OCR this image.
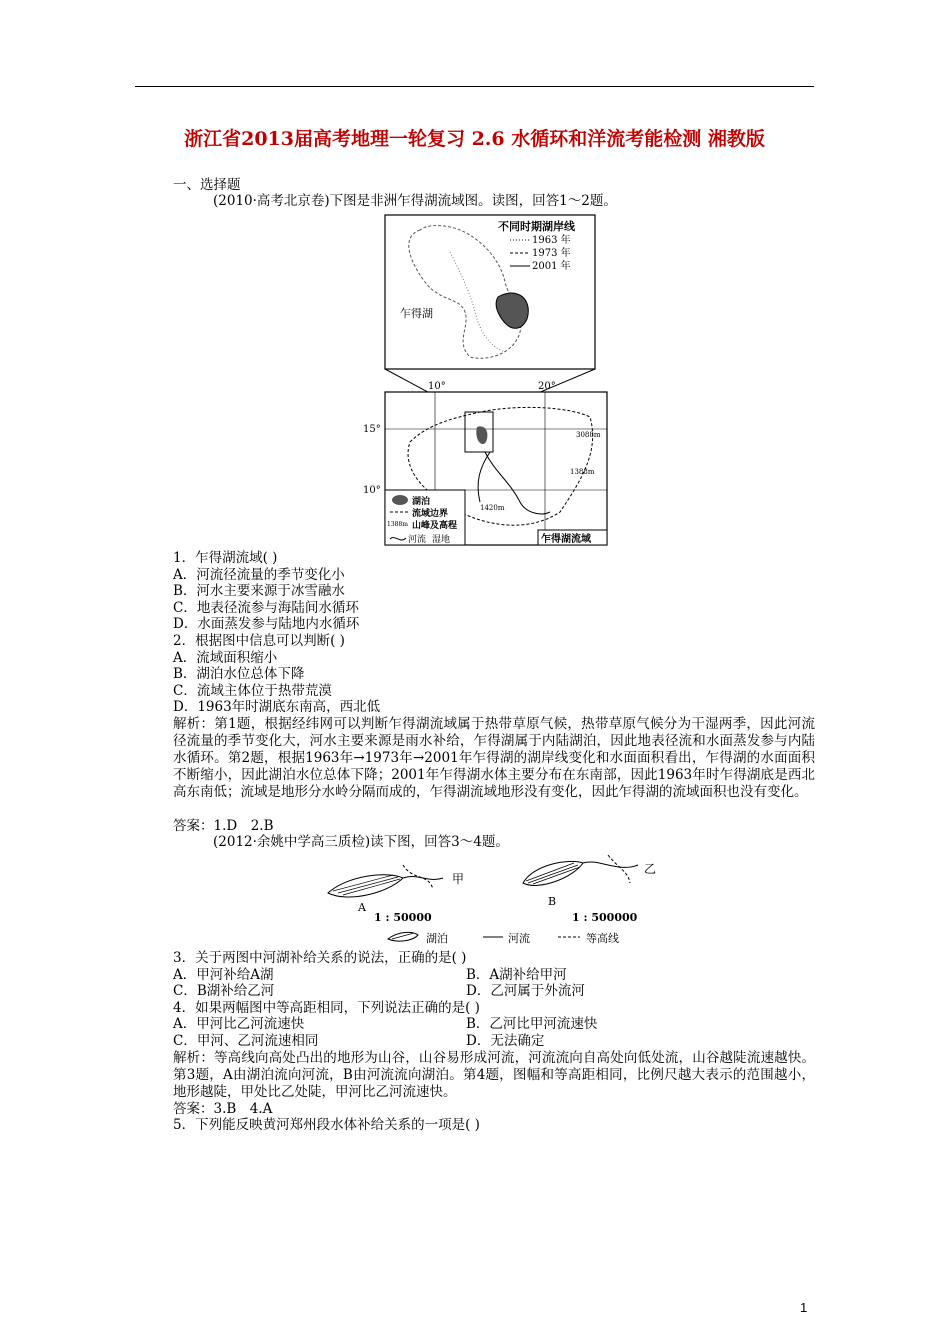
浙江省2013届高考地理一轮复习 2.6 水循环和洋流考能检测 湘教版
一、选择题
(2010·高考北京卷)下图是非洲乍得湖流域图。读图，回答1～2题。
乍得湖
不同时期湖岸线
1963 年
1973 年
2001 年
10°	20°
15°
10°
3088m
1388m
1420m
湖泊
流域边界
1388m 山峰及高程
河流 湿地	乍得湖流域
1．乍得湖流域( )
A．河流径流量的季节变化小
B．河水主要来源于冰雪融水
C．地表径流参与海陆间水循环
D．水面蒸发参与陆地内水循环
2．根据图中信息可以判断( )
A．流域面积缩小
B．湖泊水位总体下降
C．流域主体位于热带荒漠
D．1963年时湖底东南高，西北低
解析：第1题，根据经纬网可以判断乍得湖流域属于热带草原气候，热带草原气候分为干湿两季，因此河流径流量的季节变化大，河水主要来源是雨水补给，乍得湖属于内陆湖泊，因此地表径流和水面蒸发参与内陆水循环。第2题，根据1963年→1973年→2001年乍得湖的湖岸线变化和水面面积看出，乍得湖的水面面积不断缩小，因此湖泊水位总体下降；2001年乍得湖水体主要分布在东南部，因此1963年时乍得湖底是西北高东南低；流域是地形分水岭分隔而成的，乍得湖流域地形没有变化，因此乍得湖的流域面积也没有变化。
答案：1.D　2.B
(2012·余姚中学高三质检)读下图，回答3～4题。
甲
A
1 : 50000
乙
B
1 : 500000
湖泊	河流	等高线
3．关于两图中河湖补给关系的说法，正确的是( )
A．甲河补给A湖	B．A湖补给甲河
C．B湖补给乙河	D．乙河属于外流河
4．如果两幅图中等高距相同，下列说法正确的是( )
A．甲河比乙河流速快	B．乙河比甲河流速快
C．甲河、乙河流速相同	D．无法确定
解析：等高线向高处凸出的地形为山谷，山谷易形成河流，河流流向自高处向低处流，山谷越陡流速越快。第3题，A由湖泊流向河流，B由河流流向湖泊。第4题，图幅和等高距相同，比例尺越大表示的范围越小，地形越陡，甲处比乙处陡，甲河比乙河流速快。
答案：3.B　4.A
5．下列能反映黄河郑州段水体补给关系的一项是( )
1
